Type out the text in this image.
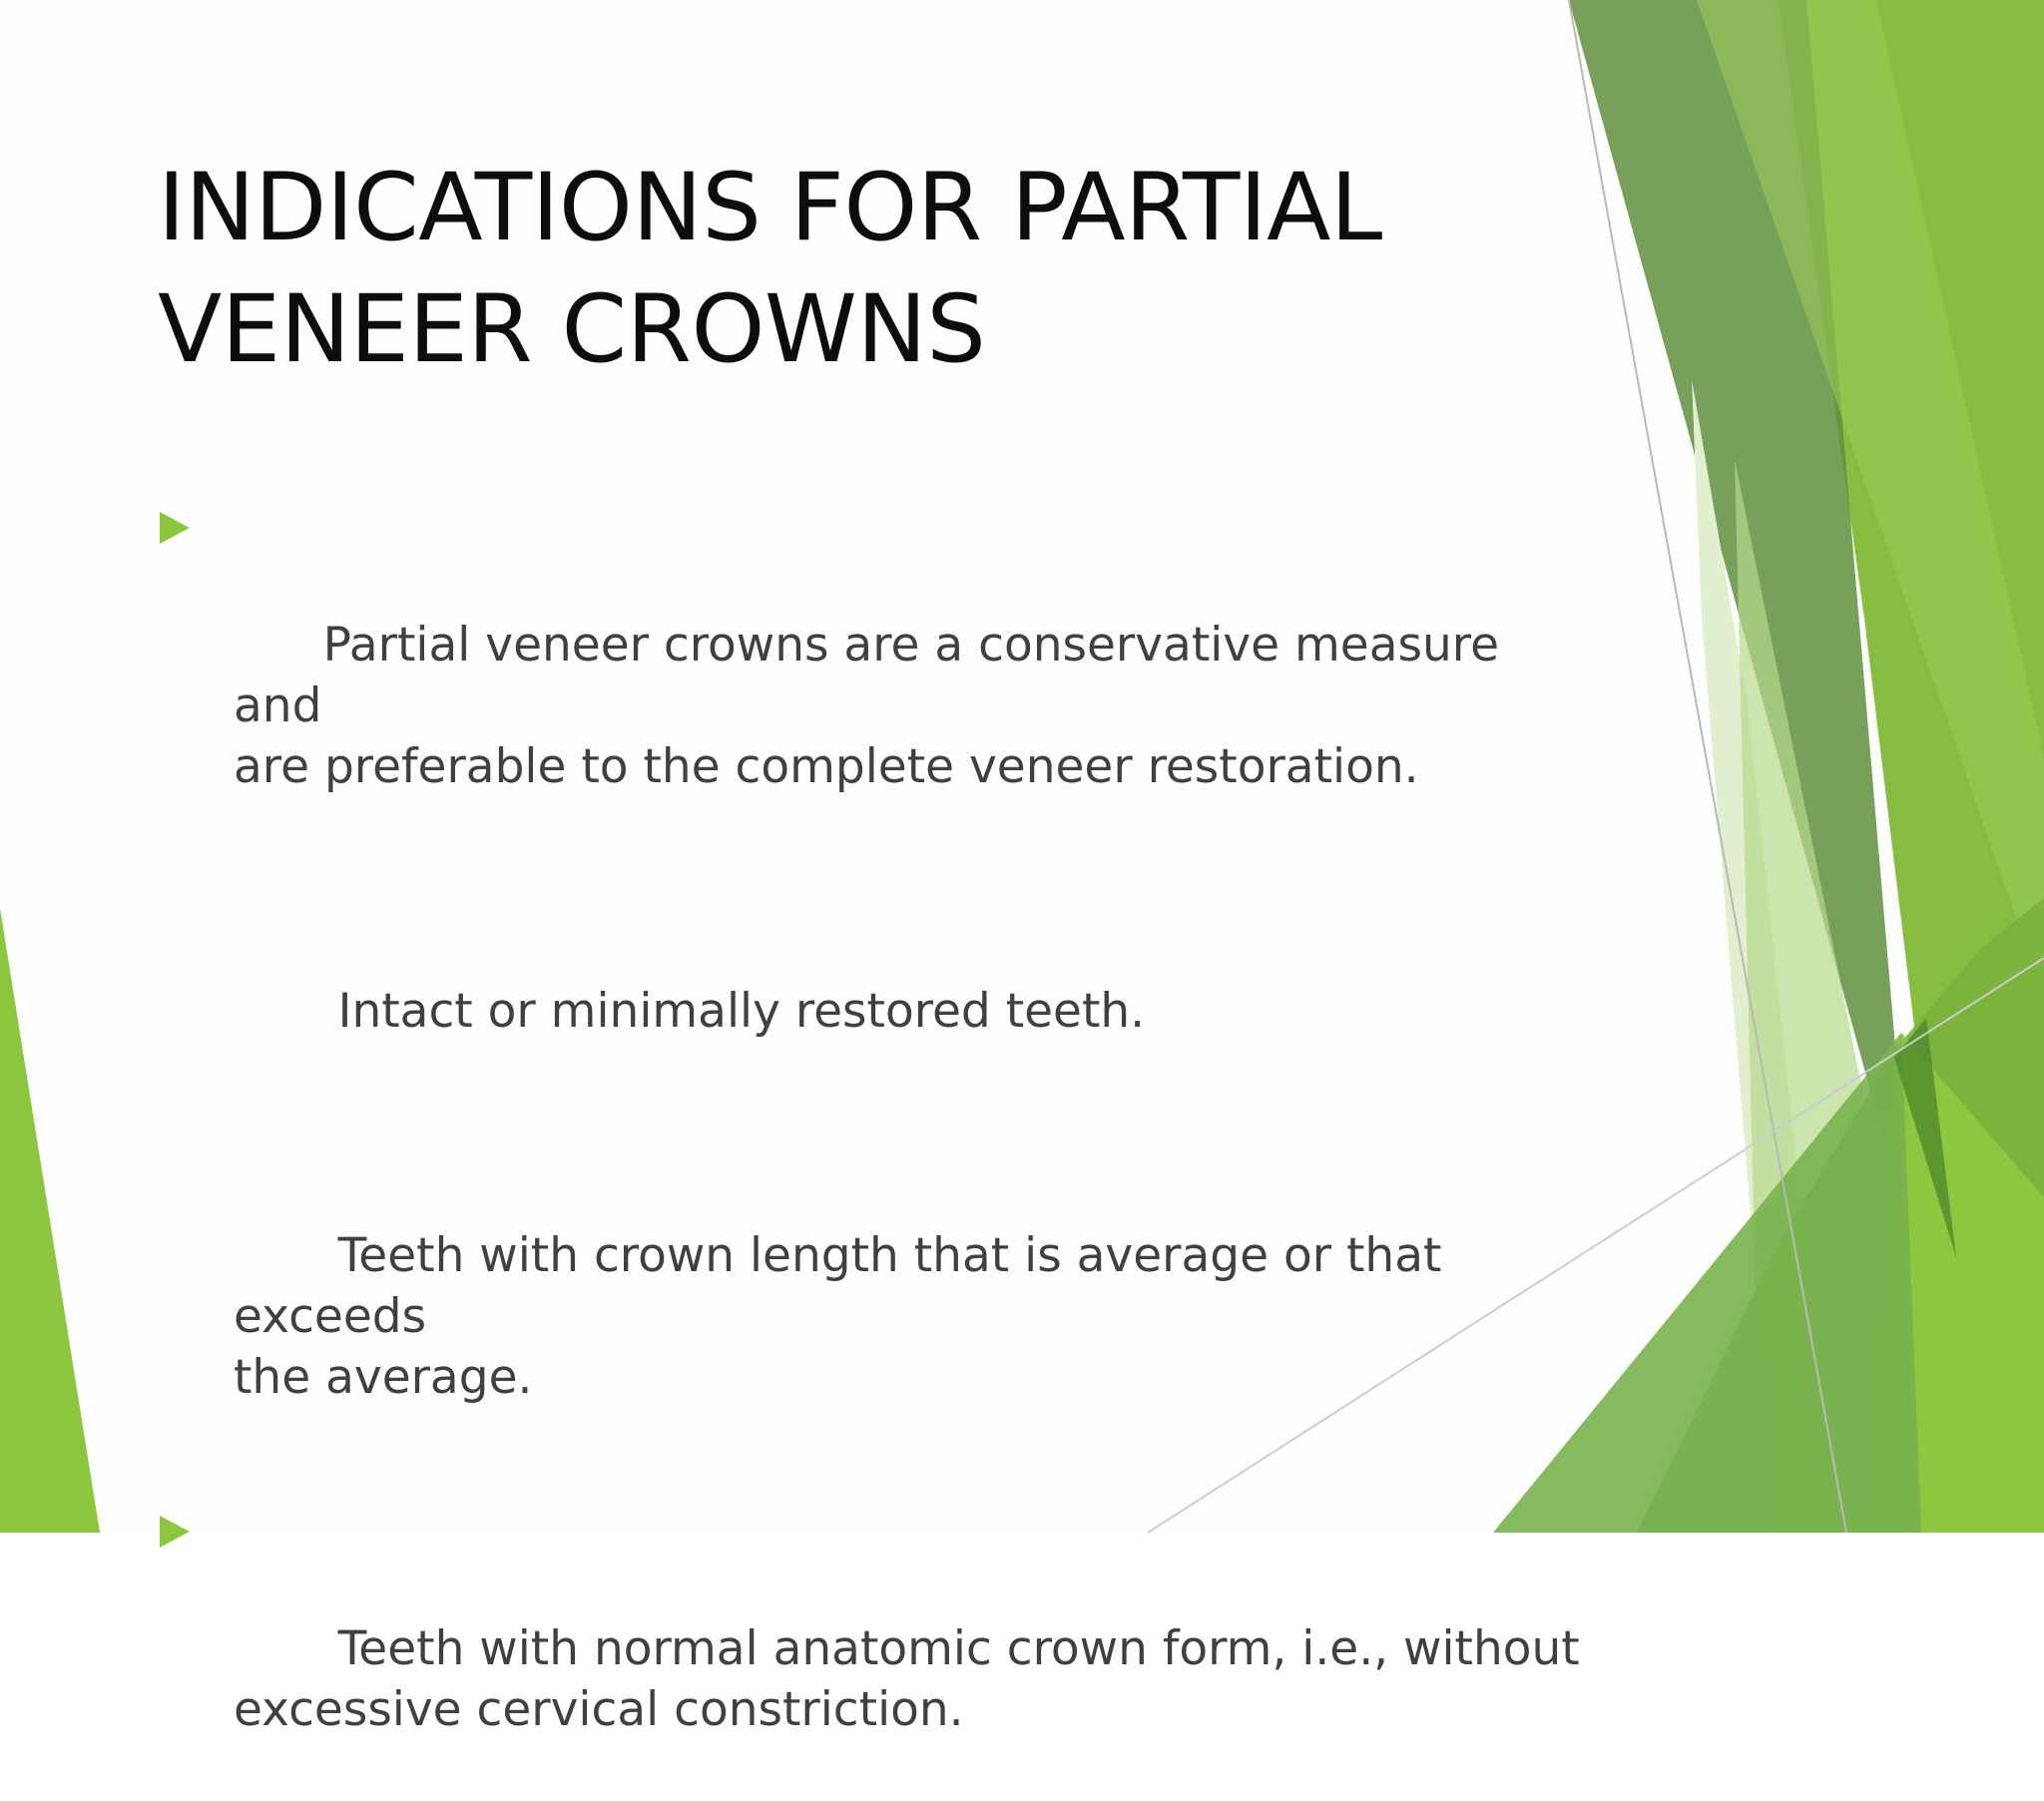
INDICATIONS FOR PARTIAL
VENEER CROWNS

Partial veneer crowns are a conservative measure and
are preferable to the complete veneer restoration.

Intact or minimally restored teeth.

Teeth with crown length that is average or that exceeds
the average.

Teeth with normal anatomic crown form, i.e., without
excessive cervical constriction.
